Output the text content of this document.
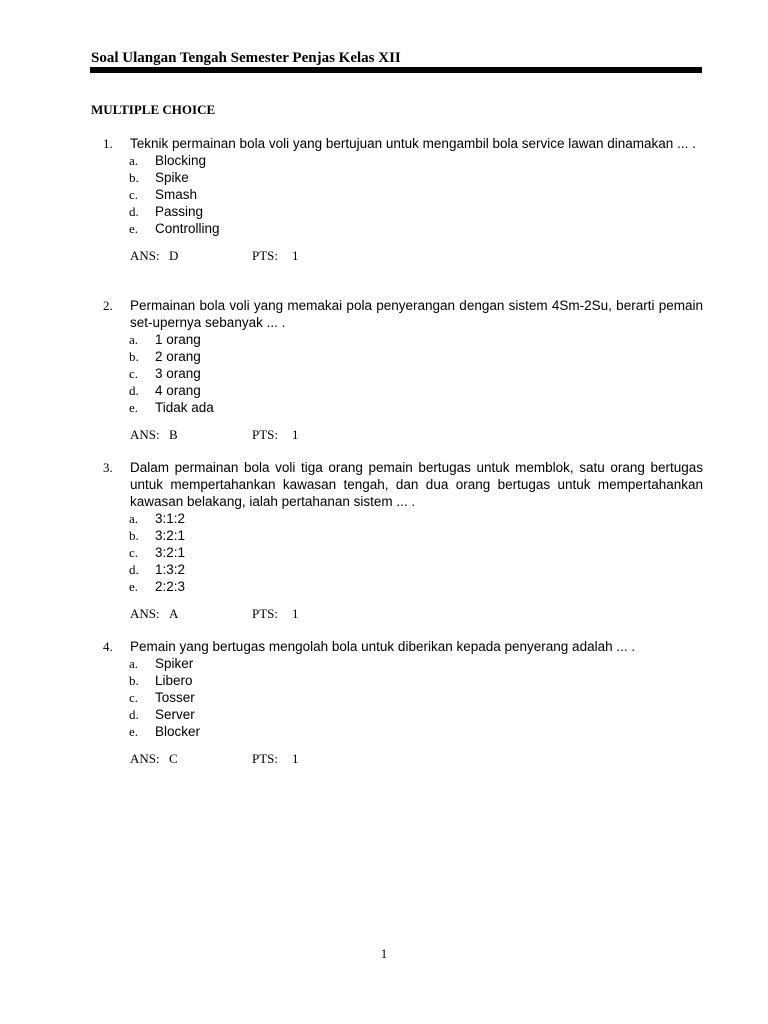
Soal Ulangan Tengah Semester Penjas Kelas XII
MULTIPLE CHOICE
1.	Teknik permainan bola voli yang bertujuan untuk mengambil bola service lawan dinamakan ... .
a. Blocking
b. Spike
c. Smash
d. Passing
e. Controlling
ANS: D	PTS: 1
2.	Permainan bola voli yang memakai pola penyerangan dengan sistem 4Sm-2Su, berarti pemain set-upernya sebanyak ... .
a. 1 orang
b. 2 orang
c. 3 orang
d. 4 orang
e. Tidak ada
ANS: B	PTS: 1
3.	Dalam permainan bola voli tiga orang pemain bertugas untuk memblok, satu orang bertugas untuk mempertahankan kawasan tengah, dan dua orang bertugas untuk mempertahankan kawasan belakang, ialah pertahanan sistem ... .
a. 3:1:2
b. 3:2:1
c. 3:2:1
d. 1:3:2
e. 2:2:3
ANS: A	PTS: 1
4.	Pemain yang bertugas mengolah bola untuk diberikan kepada penyerang adalah ... .
a. Spiker
b. Libero
c. Tosser
d. Server
e. Blocker
ANS: C	PTS: 1
1
